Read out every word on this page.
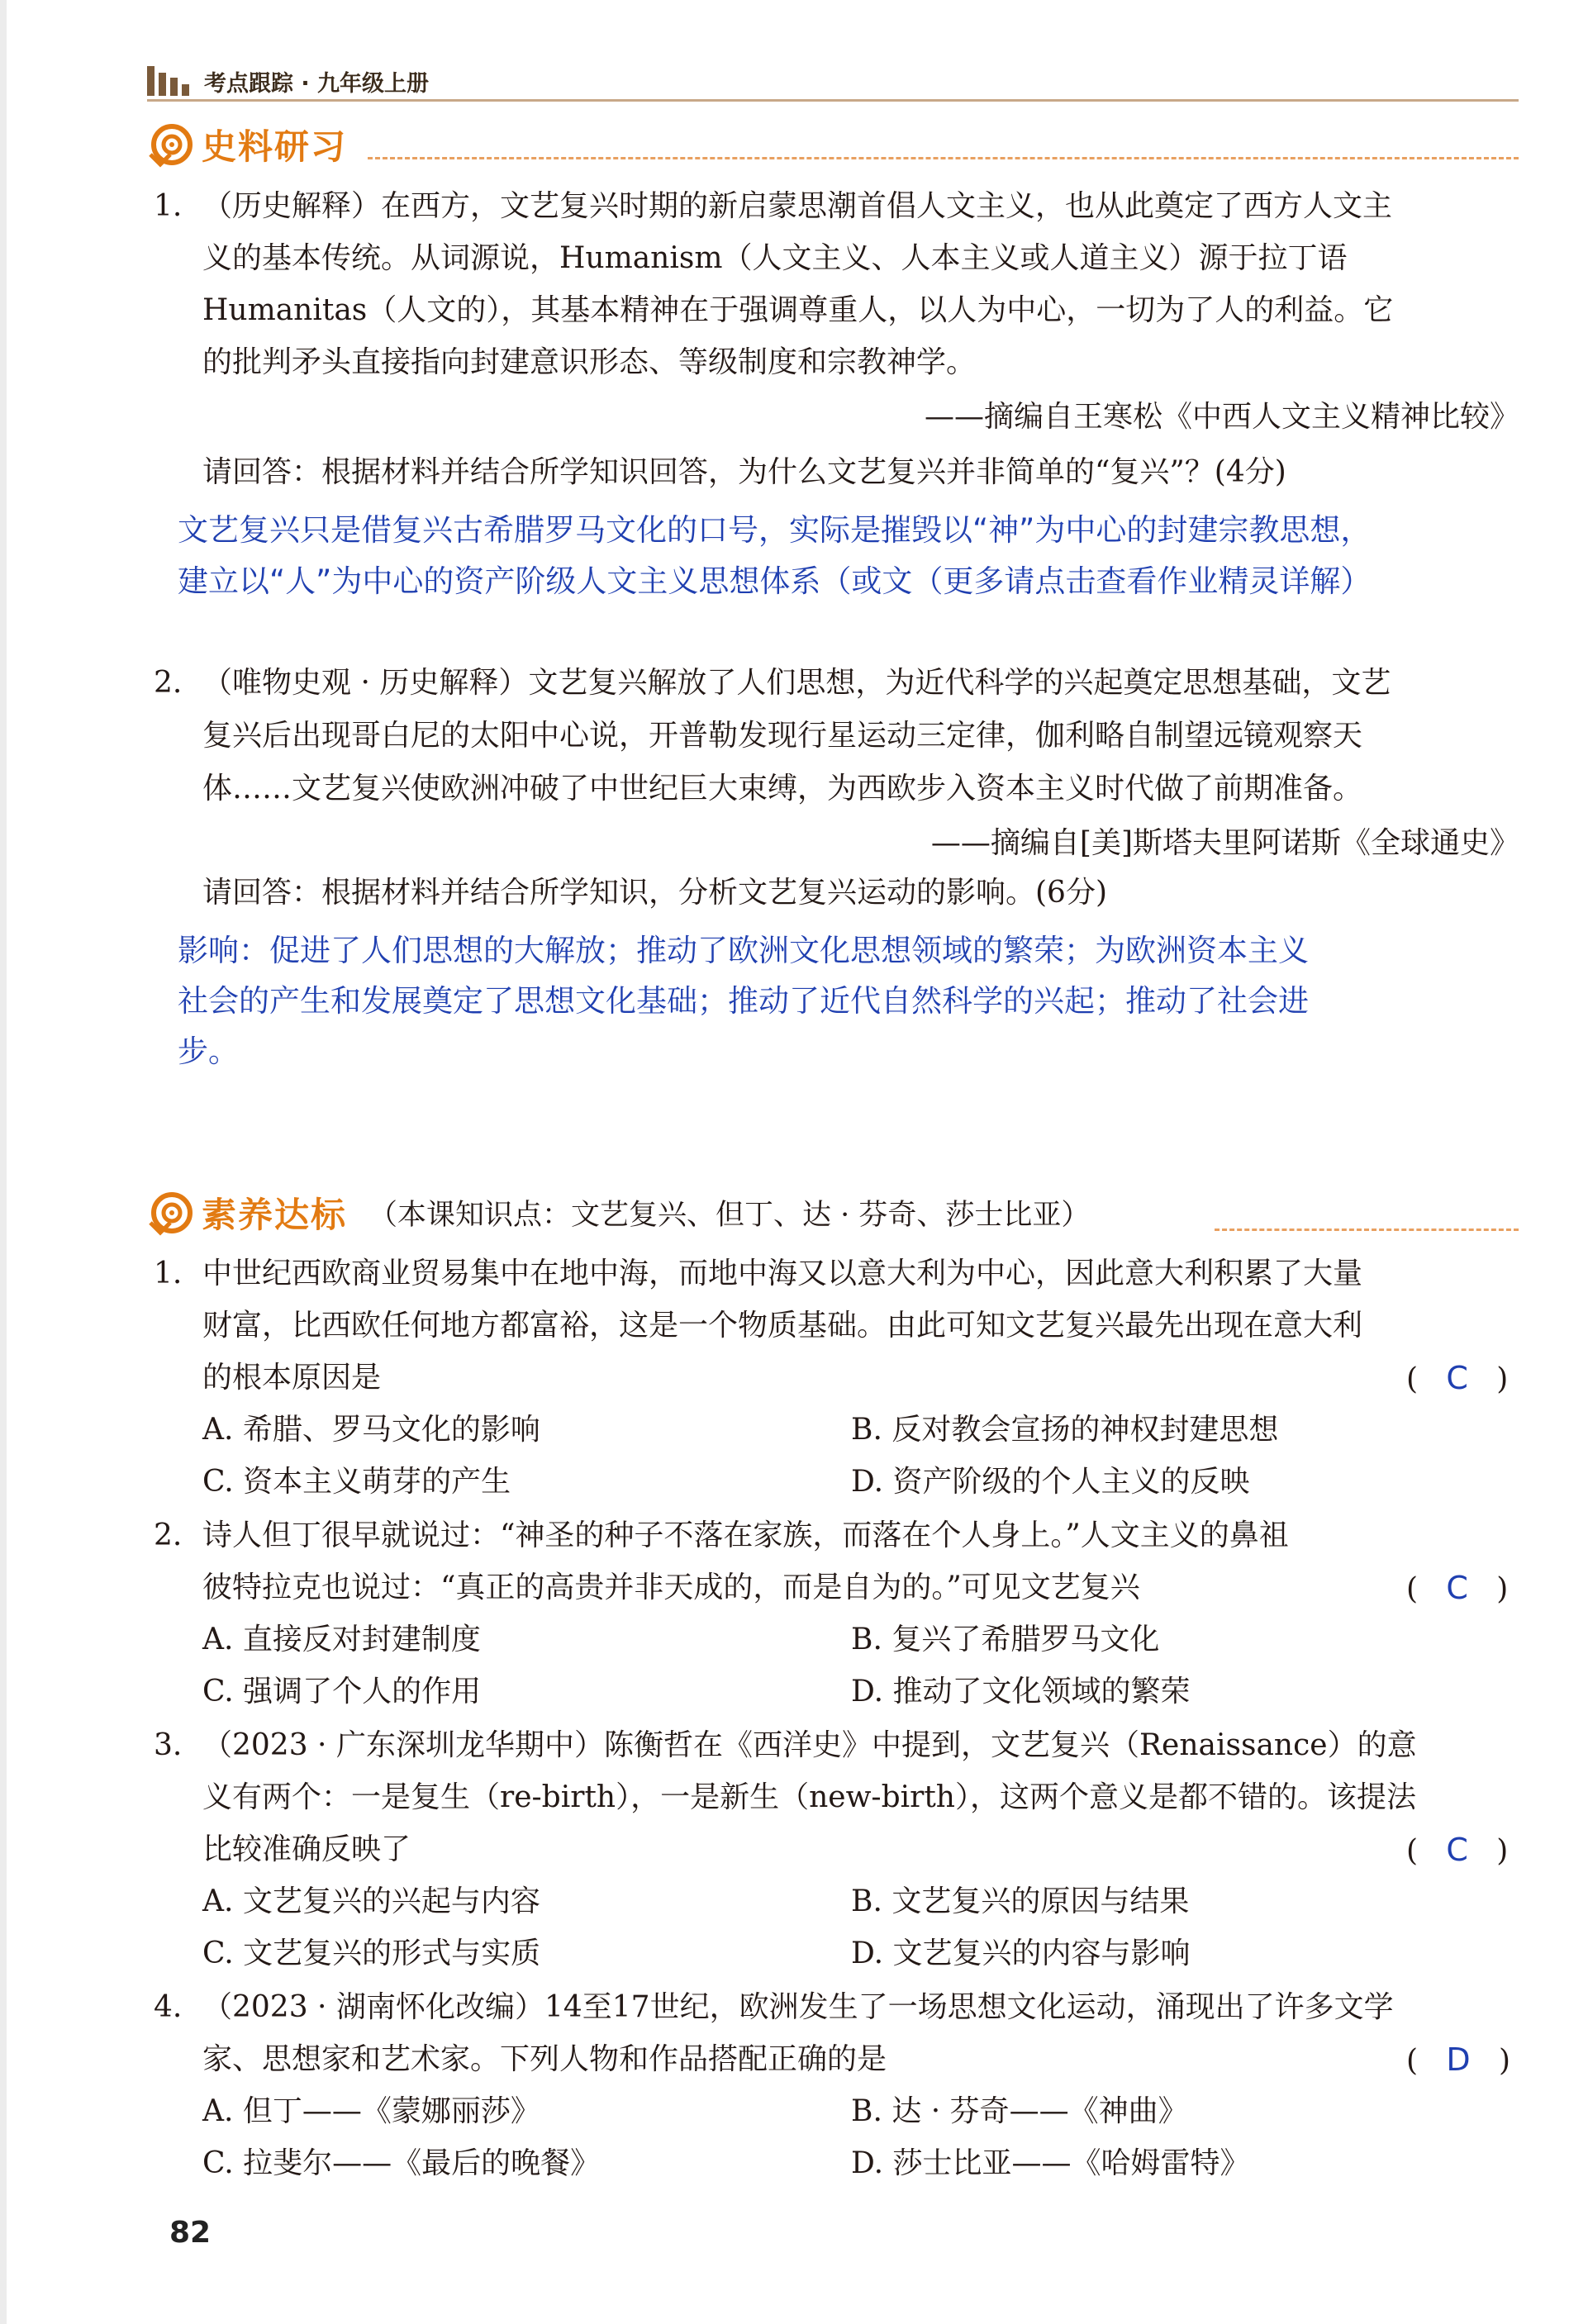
考点跟踪 · 九年级上册
史料研习
1. （历史解释）在西方，文艺复兴时期的新启蒙思潮首倡人文主义，也从此奠定了西方人文主
义的基本传统。从词源说，Humanism（人文主义、人本主义或人道主义）源于拉丁语
Humanitas（人文的），其基本精神在于强调尊重人，以人为中心，一切为了人的利益。它
的批判矛头直接指向封建意识形态、等级制度和宗教神学。
——摘编自王寒松《中西人文主义精神比较》
请回答：根据材料并结合所学知识回答，为什么文艺复兴并非简单的“复兴”？(4分)
文艺复兴只是借复兴古希腊罗马文化的口号，实际是摧毁以“神”为中心的封建宗教思想，
建立以“人”为中心的资产阶级人文主义思想体系（或文（更多请点击查看作业精灵详解）
2. （唯物史观 · 历史解释）文艺复兴解放了人们思想，为近代科学的兴起奠定思想基础，文艺
复兴后出现哥白尼的太阳中心说，开普勒发现行星运动三定律，伽利略自制望远镜观察天
体……文艺复兴使欧洲冲破了中世纪巨大束缚，为西欧步入资本主义时代做了前期准备。
——摘编自[美]斯塔夫里阿诺斯《全球通史》
请回答：根据材料并结合所学知识，分析文艺复兴运动的影响。(6分)
影响：促进了人们思想的大解放；推动了欧洲文化思想领域的繁荣；为欧洲资本主义
社会的产生和发展奠定了思想文化基础；推动了近代自然科学的兴起；推动了社会进
步。
素养达标 （本课知识点：文艺复兴、但丁、达 · 芬奇、莎士比亚）
1. 中世纪西欧商业贸易集中在地中海，而地中海又以意大利为中心，因此意大利积累了大量
财富，比西欧任何地方都富裕，这是一个物质基础。由此可知文艺复兴最先出现在意大利
的根本原因是	(   C   )
A. 希腊、罗马文化的影响	B. 反对教会宣扬的神权封建思想
C. 资本主义萌芽的产生	D. 资产阶级的个人主义的反映
2. 诗人但丁很早就说过：“神圣的种子不落在家族，而落在个人身上。”人文主义的鼻祖
彼特拉克也说过：“真正的高贵并非天成的，而是自为的。”可见文艺复兴	(   C   )
A. 直接反对封建制度	B. 复兴了希腊罗马文化
C. 强调了个人的作用	D. 推动了文化领域的繁荣
3. （2023 · 广东深圳龙华期中）陈衡哲在《西洋史》中提到，文艺复兴（Renaissance）的意
义有两个：一是复生（re-birth），一是新生（new-birth），这两个意义是都不错的。该提法
比较准确反映了	(   C   )
A. 文艺复兴的兴起与内容	B. 文艺复兴的原因与结果
C. 文艺复兴的形式与实质	D. 文艺复兴的内容与影响
4. （2023 · 湖南怀化改编）14至17世纪，欧洲发生了一场思想文化运动，涌现出了许多文学
家、思想家和艺术家。下列人物和作品搭配正确的是	(   D   )
A. 但丁——《蒙娜丽莎》	B. 达 · 芬奇——《神曲》
C. 拉斐尔——《最后的晚餐》	D. 莎士比亚——《哈姆雷特》
82
